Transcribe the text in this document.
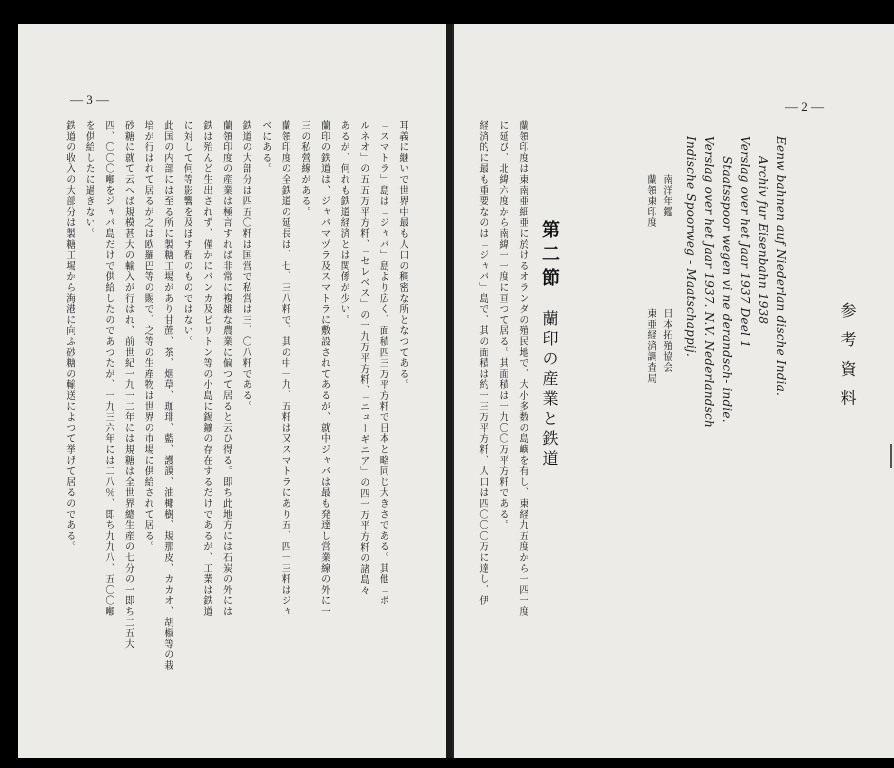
— 3 —
耳義に継いで世界中最も人口の稠密な所となつてある。
「スマトラ」島は「ジャバ」島より広く、面積四三万平方粁で日本と略同じ大きさである。其他「ボ
ルネオ」の五五万平方粁、「セレベス」の一九万平方粁、「ニューギニア」の四一万平方粁の諸島々
あるが、何れも鉄道経済とは関係が少い。
蘭印の鉄道は、ジャバマヅラ及スマトラに敷設されてあるが、就中ジャバは最も発達し営業線の外に一
三の私營線がある。
蘭領印度の全鉄道の延長は、七、三八粁で、其の中一九、五粁は又スマトラにあり五、四一三粁はジャ
ベにある。
鉄道の大部分は四五〇粁は国営で私営は三、〇八粁である。
蘭領印度の産業は極言すれば非常に複雑な農業に偏つて居ると云ひ得る。即ち此地方には石炭の外には
鉄は殆んど生出されず、僅かにバンカ及ビリトン等の小島に錫鑛の存在するだけであるが、工業は鉄道
に対して何等影響を及ぼす程のものではない。
此国の内部には至る所に製糖工場があり甘蔗、茶、烟草、珈琲、藍、護謨、油椰樹、規那皮、カカオ、胡椒等の栽
培が行はれて居るが之は欧羅巴等の賜で、之等の生産物は世界の市場に供給されて居る。
砂糖に就て云へば規模甚大の輸入が行はれ、前世紀一九一二年には規糖は全世界總生産の七分の一即ち二五大
四、〇〇〇噸をジャバ島だけで供給したのであつたが、一九三六年には二八％、即ち九九八、五〇〇噸
を供給したに過ぎない。
鉄道の收入の大部分は製糖工場から海港に向ふ砂糖の輸送によつて挙げて居るのである。
— 2 —
参 考 資 料
Eenw bahnen auf Niederlan dische India.
Archiv fur Eisenbahn 1938
Verslag over het Jaar 1937 Deel 1
Staatsspoor wegen vi ne derandsch- indie.
Verslag over het Jaar 1937. N.V. Nederlandsch
Indische Spoorweg - Maatschappij.
南洋年鑑
蘭領東印度
日本拓殖協会
東亜経済調査局
第二節
蘭印の産業と鉄道
蘭領印度は東南亜細亜に於けるオランダの殖民地で、大小多数の島嶼を有し、東経九五度から一四一度
に延び、北緯六度から南緯一一度に亘つて居る。其面積は一九〇〇万平方粁である。
経済的に最も重要なのは「ジャバ」島で、其の面積は約一三万平方粁、人口は四〇〇〇万に達し、伊
